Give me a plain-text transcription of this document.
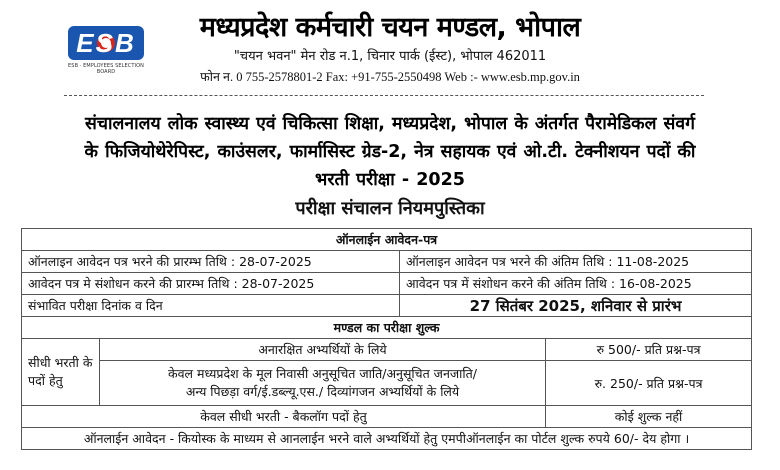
ESB
ESB · EMPLOYEES SELECTION BOARD
मध्यप्रदेश कर्मचारी चयन मण्डल, भोपाल
"चयन भवन" मेन रोड न.1, चिनार पार्क (ईस्ट), भोपाल 462011
फोन न. 0 755-2578801-2 Fax: +91-755-2550498 Web :- www.esb.mp.gov.in
संचालनालय लोक स्वास्थ्य एवं चिकित्सा शिक्षा, मध्यप्रदेश, भोपाल के अंतर्गत पैरामेडिकल संवर्ग
के फिजियोथेरेपिस्ट, काउंसलर, फार्मासिस्ट ग्रेड-2, नेत्र सहायक एवं ओ.टी. टेक्नीशयन पदों की
भरती परीक्षा - 2025
परीक्षा संचालन नियमपुस्तिका
ऑनलाईन आवेदन-पत्र			
ऑनलाइन आवेदन पत्र भरने की प्रारम्भ तिथि : 28-07-2025		ऑनलाइन आवेदन पत्र भरने की अंतिम तिथि : 11-08-2025	
आवेदन पत्र मे संशोधन करने की प्रारम्भ तिथि : 28-07-2025		आवेदन पत्र में संशोधन करने की अंतिम तिथि : 16-08-2025	
संभावित परीक्षा दिनांक व दिन		27 सितंबर 2025, शनिवार से प्रारंभ	
मण्डल का परीक्षा शुल्क			
सीधी भरती के पदों हेतु	अनारक्षित अभ्यर्थियों के लिये		रु 500/- प्रति प्रश्न-पत्र

	केवल मध्यप्रदेश के मूल निवासी अनुसूचित जाति/अनुसूचित जनजाति/
अन्य पिछड़ा वर्ग/ई.डब्ल्यू.एस./ दिव्यांगजन अभ्यर्थियों के लिये		रु. 250/- प्रति प्रश्न-पत्र
केवल सीधी भरती - बैकलॉग पदों हेतु			कोई शुल्क नहीं
ऑनलाईन आवेदन - कियोस्क के माध्यम से आनलाईन भरने वाले अभ्यर्थियों हेतु एमपीऑनलाईन का पोर्टल शुल्क रुपये 60/- देय होगा ।			
